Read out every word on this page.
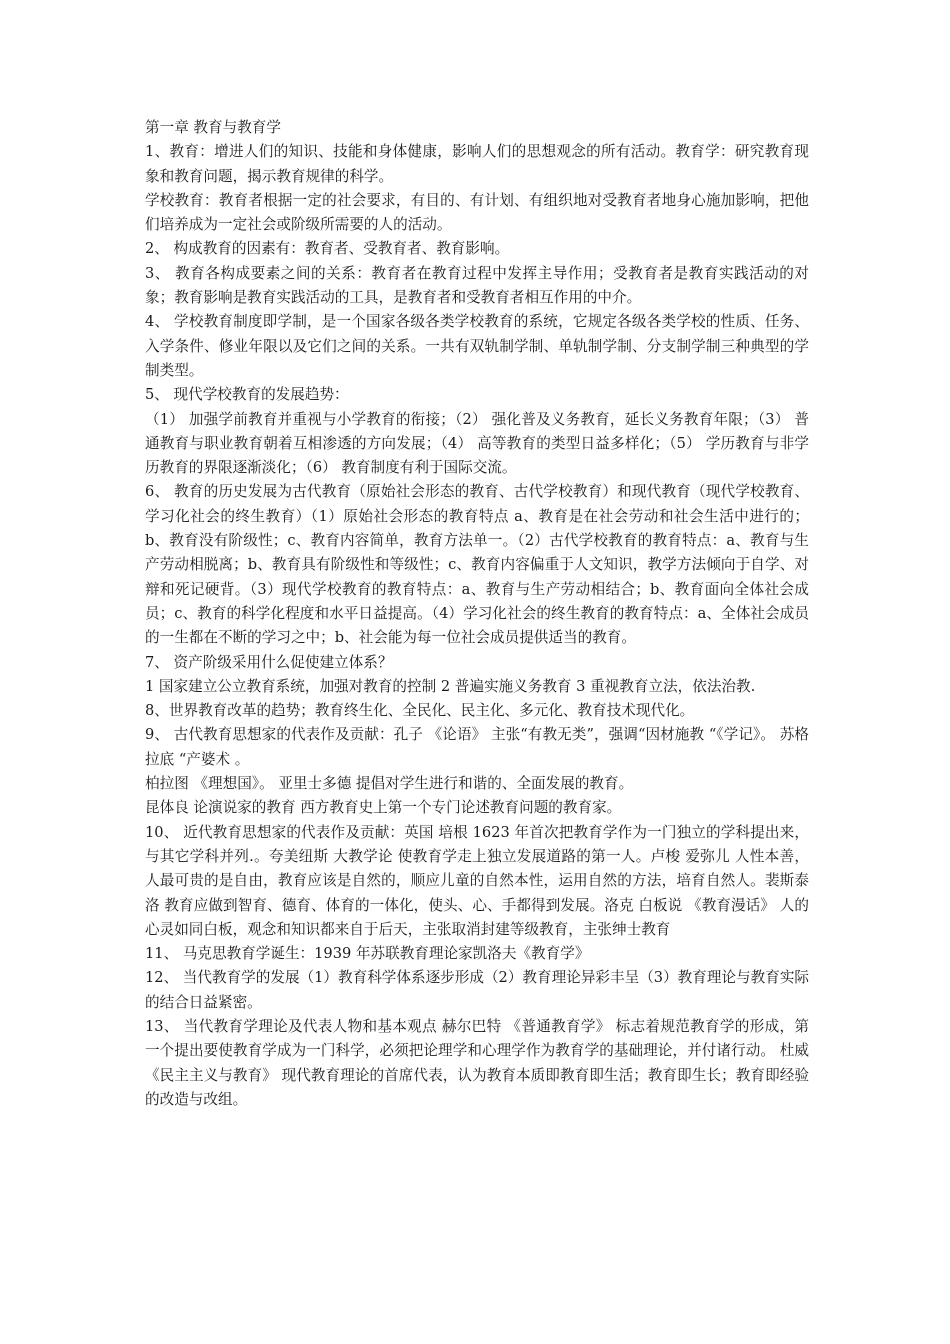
第一章 教育与教育学

1、教育：增进人们的知识、技能和身体健康，影响人们的思想观念的所有活动。教育学：研究教育现象和教育问题，揭示教育规律的科学。

学校教育：教育者根据一定的社会要求，有目的、有计划、有组织地对受教育者地身心施加影响，把他们培养成为一定社会或阶级所需要的人的活动。

2、 构成教育的因素有：教育者、受教育者、教育影响。

3、 教育各构成要素之间的关系：教育者在教育过程中发挥主导作用；受教育者是教育实践活动的对象；教育影响是教育实践活动的工具，是教育者和受教育者相互作用的中介。

4、 学校教育制度即学制，是一个国家各级各类学校教育的系统，它规定各级各类学校的性质、任务、入学条件、修业年限以及它们之间的关系。一共有双轨制学制、单轨制学制、分支制学制三种典型的学制类型。

5、 现代学校教育的发展趋势：

（1） 加强学前教育并重视与小学教育的衔接；（2） 强化普及义务教育，延长义务教育年限；（3） 普通教育与职业教育朝着互相渗透的方向发展；（4） 高等教育的类型日益多样化；（5） 学历教育与非学历教育的界限逐渐淡化；（6） 教育制度有利于国际交流。

6、 教育的历史发展为古代教育（原始社会形态的教育、古代学校教育）和现代教育（现代学校教育、学习化社会的终生教育）（1）原始社会形态的教育特点 a、教育是在社会劳动和社会生活中进行的；b、教育没有阶级性；c、教育内容简单，教育方法单一。（2）古代学校教育的教育特点：a、教育与生产劳动相脱离；b、教育具有阶级性和等级性；c、教育内容偏重于人文知识，教学方法倾向于自学、对辩和死记硬背。（3）现代学校教育的教育特点：a、教育与生产劳动相结合；b、教育面向全体社会成员；c、教育的科学化程度和水平日益提高。（4）学习化社会的终生教育的教育特点：a、全体社会成员的一生都在不断的学习之中；b、社会能为每一位社会成员提供适当的教育。

7、 资产阶级采用什么促使建立体系？

1 国家建立公立教育系统，加强对教育的控制 2 普遍实施义务教育 3 重视教育立法，依法治教.

8、世界教育改革的趋势；教育终生化、全民化、民主化、多元化、教育技术现代化。

9、 古代教育思想家的代表作及贡献：孔子 《论语》 主张“有教无类”，强调“因材施教 “《学记》。 苏格拉底 “产婆术 。

柏拉图 《理想国》。 亚里士多德 提倡对学生进行和谐的、全面发展的教育。

昆体良 论演说家的教育 西方教育史上第一个专门论述教育问题的教育家。

10、 近代教育思想家的代表作及贡献：英国 培根 1623 年首次把教育学作为一门独立的学科提出来，与其它学科并列.。夸美纽斯 大教学论 使教育学走上独立发展道路的第一人。卢梭 爱弥儿 人性本善，人最可贵的是自由，教育应该是自然的，顺应儿童的自然本性，运用自然的方法，培育自然人。裴斯泰洛 教育应做到智育、德育、体育的一体化，使头、心、手都得到发展。洛克 白板说 《教育漫话》 人的心灵如同白板，观念和知识都来自于后天，主张取消封建等级教育，主张绅士教育

11、 马克思教育学诞生：1939 年苏联教育理论家凯洛夫《教育学》

12、 当代教育学的发展（1）教育科学体系逐步形成（2）教育理论异彩丰呈（3）教育理论与教育实际的结合日益紧密。

13、 当代教育学理论及代表人物和基本观点 赫尔巴特 《普通教育学》 标志着规范教育学的形成，第一个提出要使教育学成为一门科学，必须把论理学和心理学作为教育学的基础理论，并付诸行动。 杜威 《民主主义与教育》 现代教育理论的首席代表，认为教育本质即教育即生活；教育即生长；教育即经验的改造与改组。
